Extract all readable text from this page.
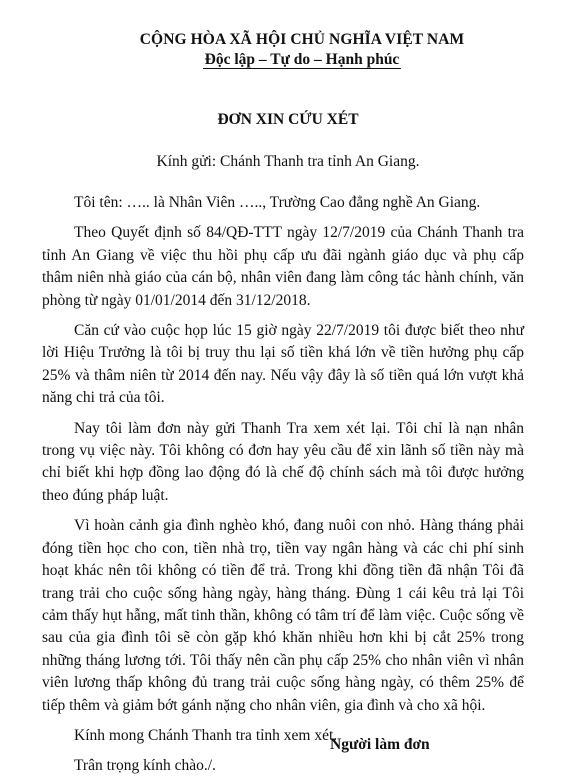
CỘNG HÒA XÃ HỘI CHỦ NGHĨA VIỆT NAM
Độc lập – Tự do – Hạnh phúc
ĐƠN XIN CỨU XÉT
Kính gửi: Chánh Thanh tra tỉnh An Giang.

Tôi tên: ….. là Nhân Viên ….., Trường Cao đẳng nghề An Giang.

Theo Quyết định số 84/QĐ-TTT ngày 12/7/2019 của Chánh Thanh tra tỉnh An Giang về việc thu hồi phụ cấp ưu đãi ngành giáo dục và phụ cấp thâm niên nhà giáo của cán bộ, nhân viên đang làm công tác hành chính, văn phòng từ ngày 01/01/2014 đến 31/12/2018.

Căn cứ vào cuộc họp lúc 15 giờ ngày 22/7/2019 tôi được biết theo như lời Hiệu Trưởng là tôi bị truy thu lại số tiền khá lớn về tiền hưởng phụ cấp 25% và thâm niên từ 2014 đến nay. Nếu vậy đây là số tiền quá lớn vượt khả năng chi trả của tôi.

Nay tôi làm đơn này gửi Thanh Tra xem xét lại. Tôi chỉ là nạn nhân trong vụ việc này. Tôi không có đơn hay yêu cầu để xin lãnh số tiền này mà chỉ biết khi hợp đồng lao động đó là chế độ chính sách mà tôi được hưởng theo đúng pháp luật.

Vì hoàn cảnh gia đình nghèo khó, đang nuôi con nhỏ. Hàng tháng phải đóng tiền học cho con, tiền nhà trọ, tiền vay ngân hàng và các chi phí sinh hoạt khác nên tôi không có tiền để trả. Trong khi đồng tiền đã nhận Tôi đã trang trải cho cuộc sống hàng ngày, hàng tháng. Đùng 1 cái kêu trả lại Tôi cảm thấy hụt hẫng, mất tinh thần, không có tâm trí để làm việc. Cuộc sống về sau của gia đình tôi sẽ còn gặp khó khăn nhiều hơn khi bị cắt 25% trong những tháng lương tới. Tôi thấy nên cần phụ cấp 25% cho nhân viên vì nhân viên lương thấp không đủ trang trải cuộc sống hàng ngày, có thêm 25% để tiếp thêm và giảm bớt gánh nặng cho nhân viên, gia đình và cho xã hội.

Kính mong Chánh Thanh tra tỉnh xem xét.

Trân trọng kính chào./.

Người làm đơn
